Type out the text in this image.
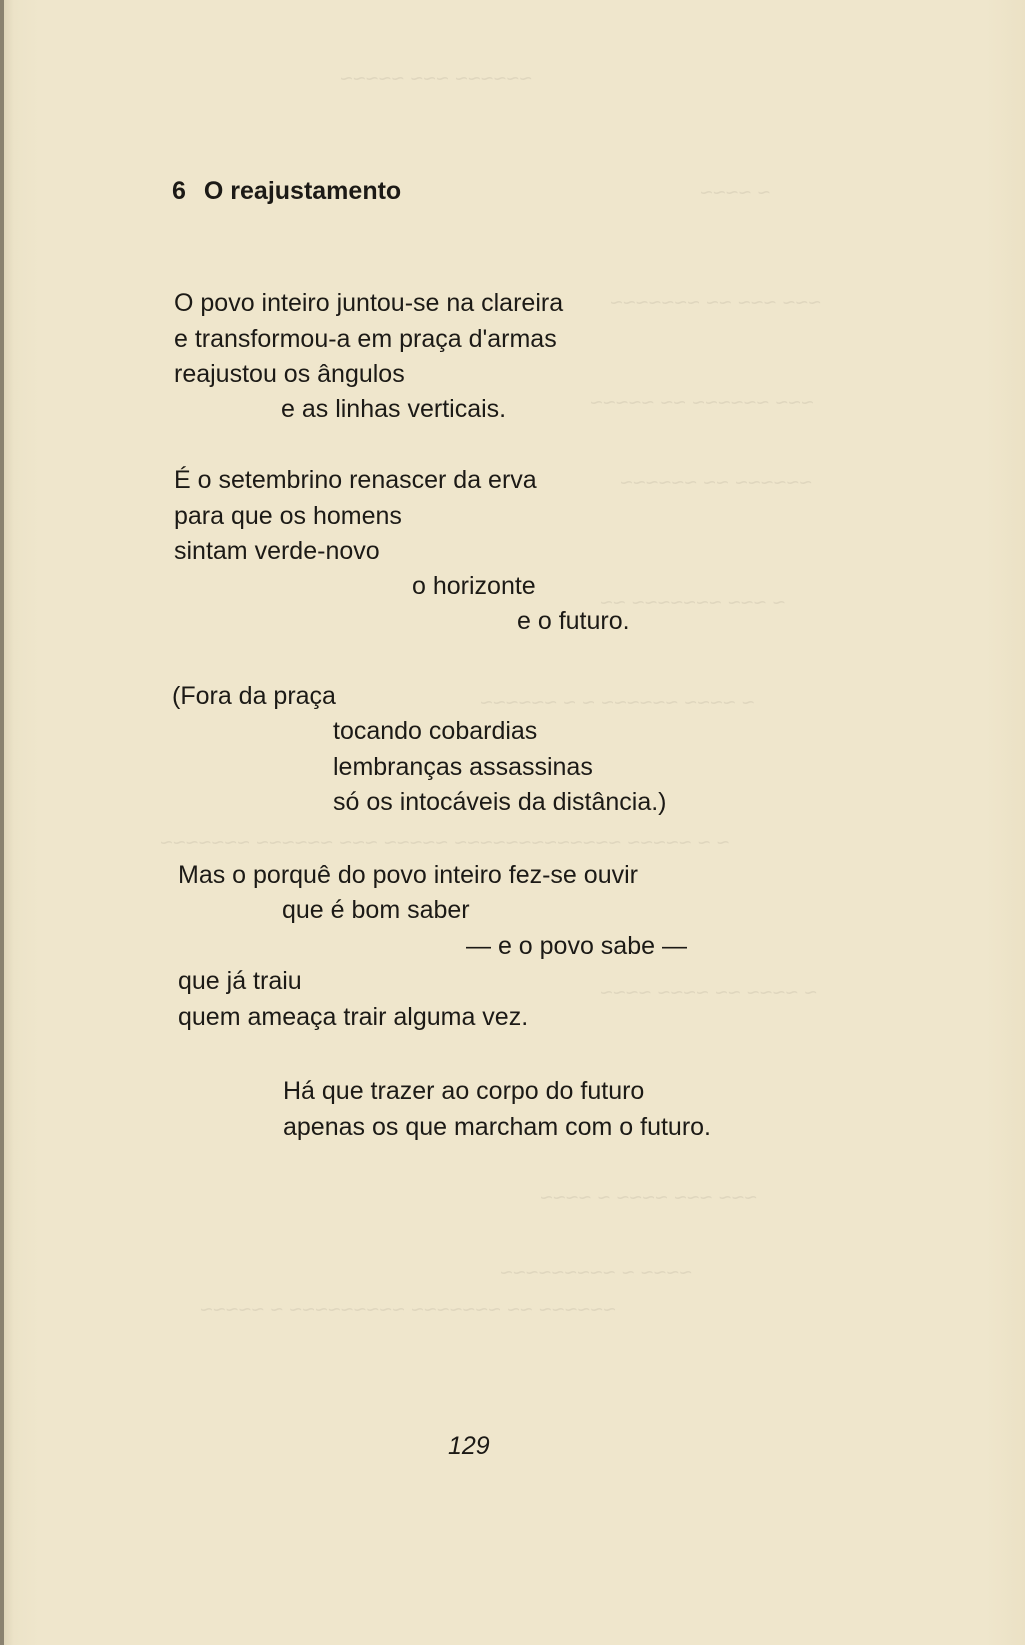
~~~~~~ ~~~ ~~~~~
~ ~~~~
~~~ ~~~ ~~ ~~~~~~~
~~~ ~~~~~~ ~~ ~~~~~
~~~~~~ ~~ ~~~~~~
~ ~~~ ~~~~~~~ ~~
~ ~~~~ ~~~~~~ ~ ~ ~~~~~~
~ ~ ~~~~~ ~~~~~~~~~~~~~ ~~~~~ ~~~ ~~~~~~ ~~~~~~~
~ ~~~~ ~~ ~~~~ ~~~~
~~~ ~~~ ~~~~ ~ ~~~~
~~~~ ~ ~~~~~~~~~
~~~~~~ ~~ ~~~~~~~ ~~~~~~~~~ ~ ~~~~~
6 O reajustamento
O povo inteiro juntou-se na clareira
e transformou-a em praça d'armas
reajustou os ângulos
e as linhas verticais.
É o setembrino renascer da erva
para que os homens
sintam verde-novo
o horizonte
e o futuro.
(Fora da praça
tocando cobardias
lembranças assassinas
só os intocáveis da distância.)
Mas o porquê do povo inteiro fez-se ouvir
que é bom saber
— e o povo sabe —
que já traiu
quem ameaça trair alguma vez.
Há que trazer ao corpo do futuro
apenas os que marcham com o futuro.
129
